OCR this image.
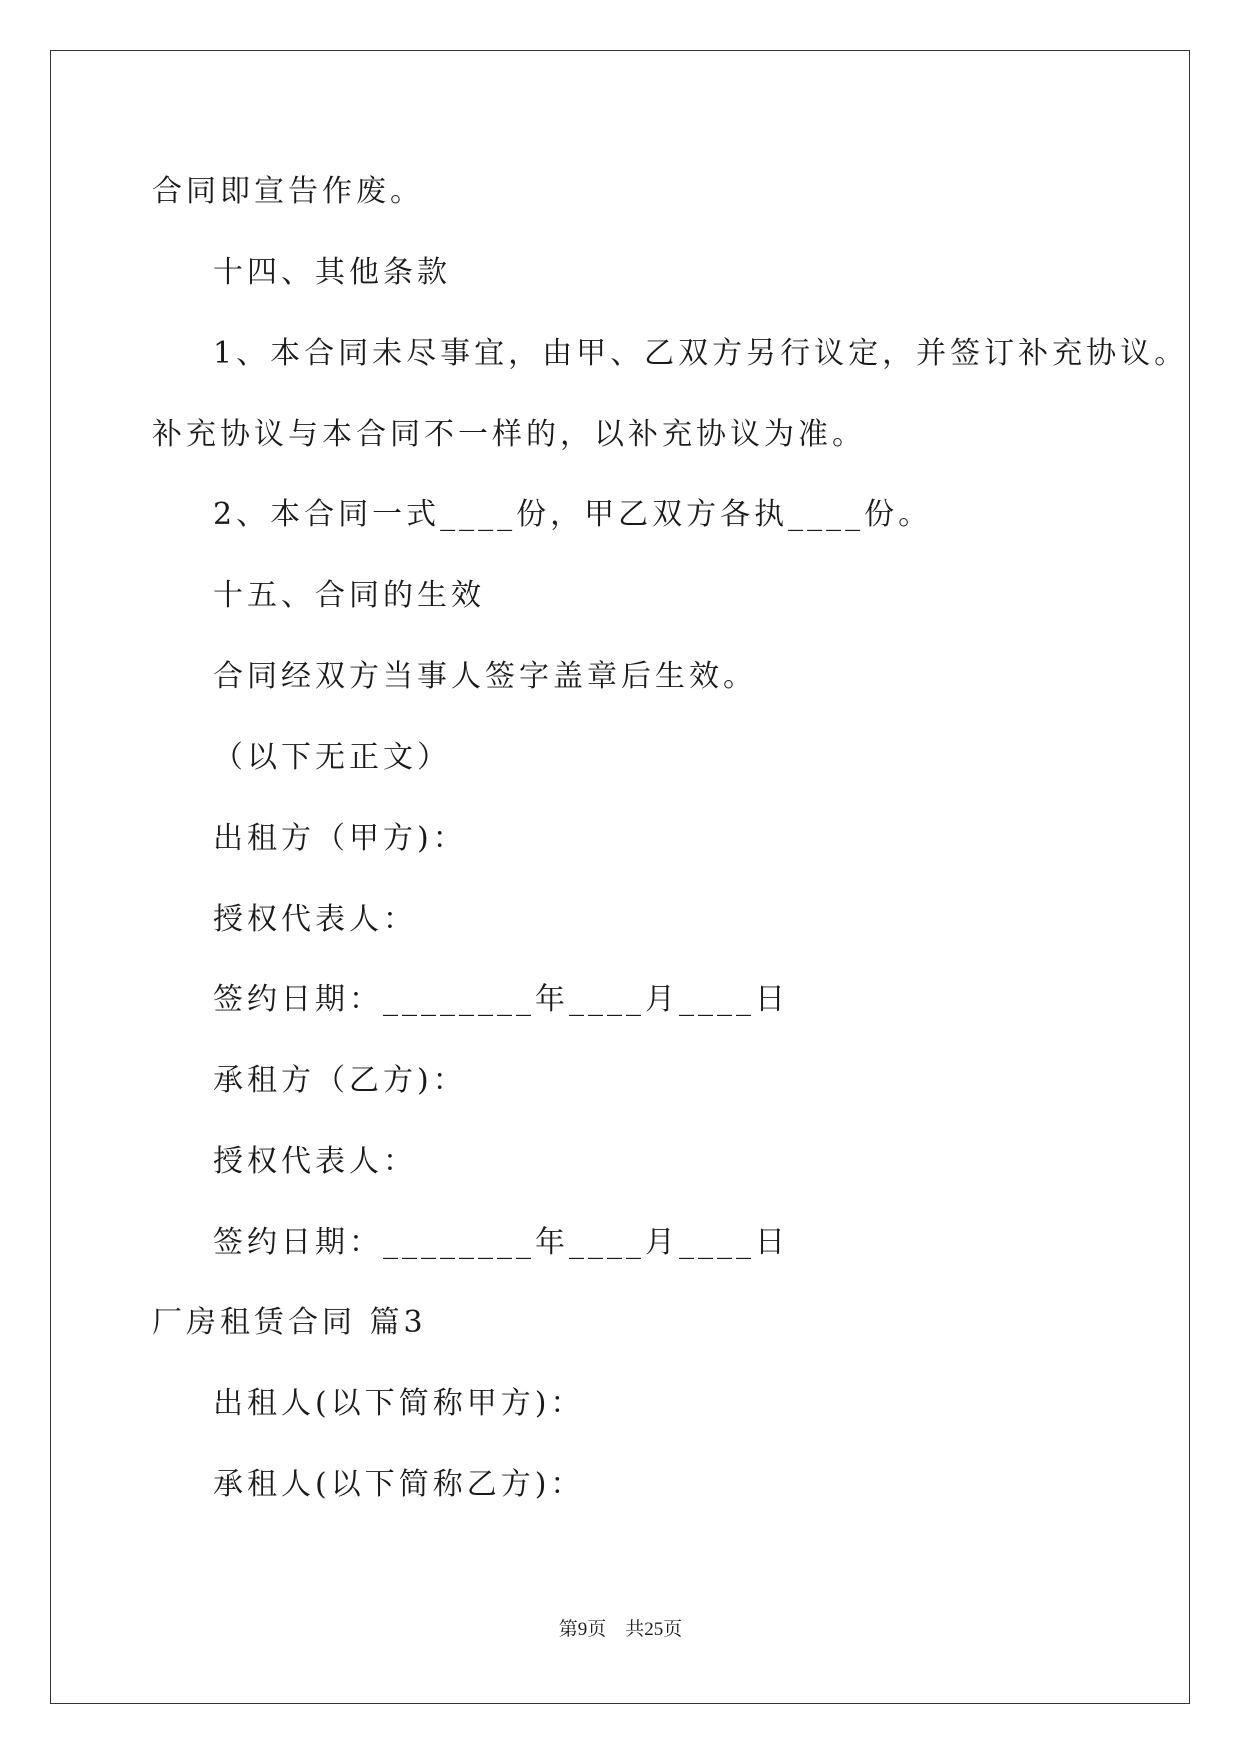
合同即宣告作废。
十四、其他条款
1、本合同未尽事宜，由甲、乙双方另行议定，并签订补充协议。
补充协议与本合同不一样的，以补充协议为准。
2、本合同一式____份，甲乙双方各执____份。
十五、合同的生效
合同经双方当事人签字盖章后生效。
（以下无正文）
出租方（甲方)：
授权代表人：
签约日期：________年____月____日
承租方（乙方)：
授权代表人：
签约日期：________年____月____日
厂房租赁合同 篇3
出租人(以下简称甲方)：
承租人(以下简称乙方)：
第9页    共25页
